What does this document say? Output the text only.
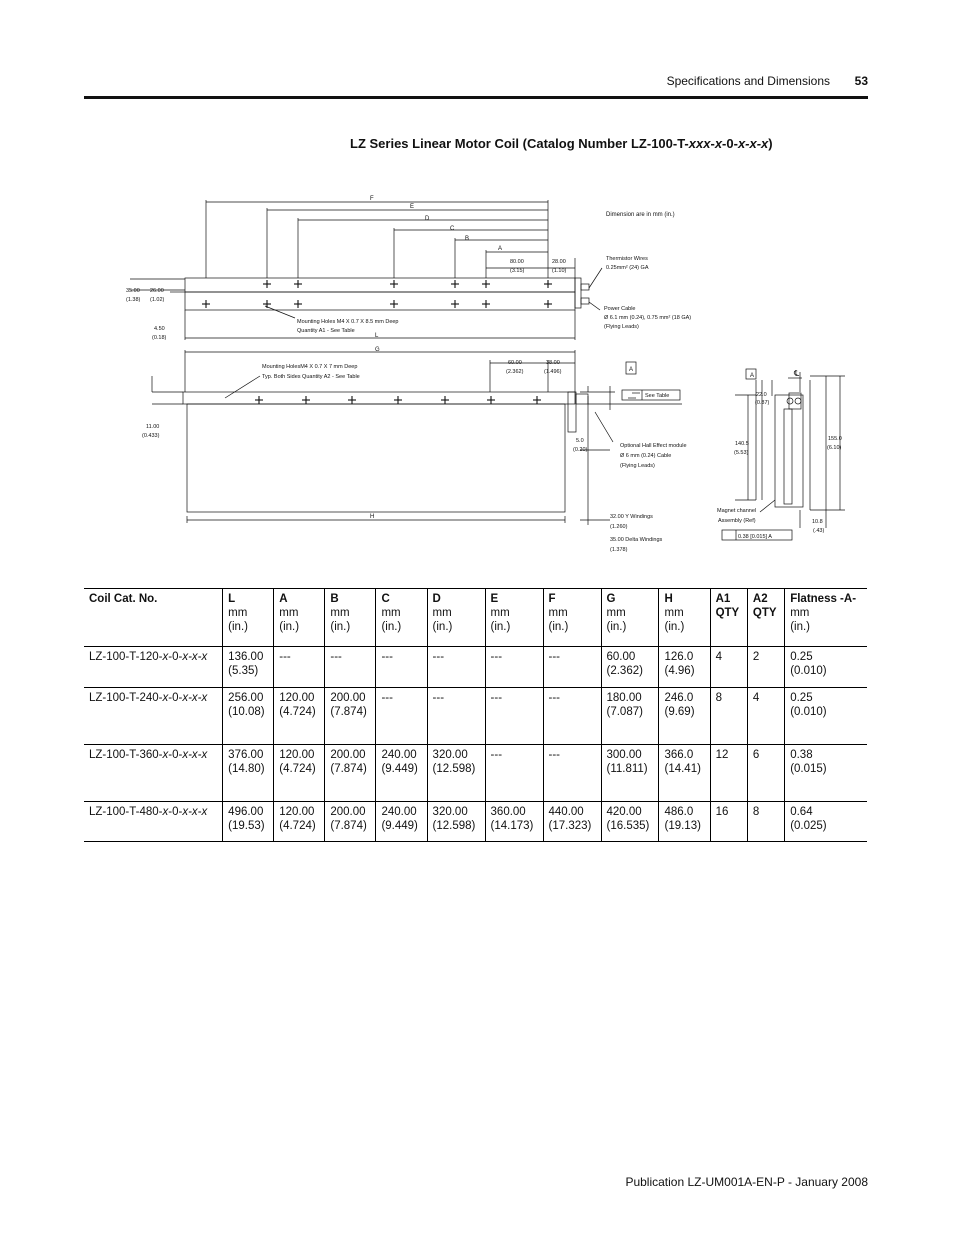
Specifications and Dimensions 53
LZ Series Linear Motor Coil (Catalog Number LZ-100-T-xxx-x-0-x-x-x)
F
E
D
C
B
A
L
G
H
Dimension are in mm (in.)
80.00
(3.15)
28.00
(1.10)
35.00
(1.38)
26.00
(1.02)
4.50
(0.18)
60.00
(2.362)
38.00
(1.496)
11.00
(0.433)
5.0
(0.20)
22.0
(0.87)
140.5
(5.53)
155.0
(6.10)
10.8
(.43)
Thermistor Wires
0.25mm² (24) GA
Power Cable
Ø 6.1 mm (0.24), 0.75 mm² (18 GA)
(Flying Leads)
Mounting Holes M4 X 0.7 X 8.5 mm Deep
Quantity A1 - See Table
Mounting HolesM4 X 0.7 X 7 mm Deep
Typ. Both Sides Quantity A2 - See Table
Optional Hall Effect module
Ø 6 mm (0.24) Cable
(Flying Leads)
32.00 Y Windings
(1.260)
35.00 Delta Windings
(1.378)
Magnet channel
Assembly (Ref)
See Table
A
A
0.38 [0.015] A
℄
Coil Cat. No.	L
mm
(in.)	A
mm
(in.)	B
mm
(in.)	C
mm
(in.)	D
mm
(in.)	E
mm
(in.)	F
mm
(in.)	G
mm
(in.)	H
mm
(in.)	A1
QTY	A2
QTY	Flatness -A-
mm
(in.)
LZ-100-T-120-x-0-x-x-x	136.00
(5.35)	---	---	---	---	---	---	60.00
(2.362)	126.0
(4.96)	4	2	0.25
(0.010)
LZ-100-T-240-x-0-x-x-x	256.00
(10.08)	120.00
(4.724)	200.00
(7.874)	---	---	---	---	180.00
(7.087)	246.0
(9.69)	8	4	0.25
(0.010)
LZ-100-T-360-x-0-x-x-x	376.00
(14.80)	120.00
(4.724)	200.00
(7.874)	240.00
(9.449)	320.00
(12.598)	---	---	300.00
(11.811)	366.0
(14.41)	12	6	0.38
(0.015)
LZ-100-T-480-x-0-x-x-x	496.00
(19.53)	120.00
(4.724)	200.00
(7.874)	240.00
(9.449)	320.00
(12.598)	360.00
(14.173)	440.00
(17.323)	420.00
(16.535)	486.0
(19.13)	16	8	0.64
(0.025)
Publication LZ-UM001A-EN-P - January 2008
